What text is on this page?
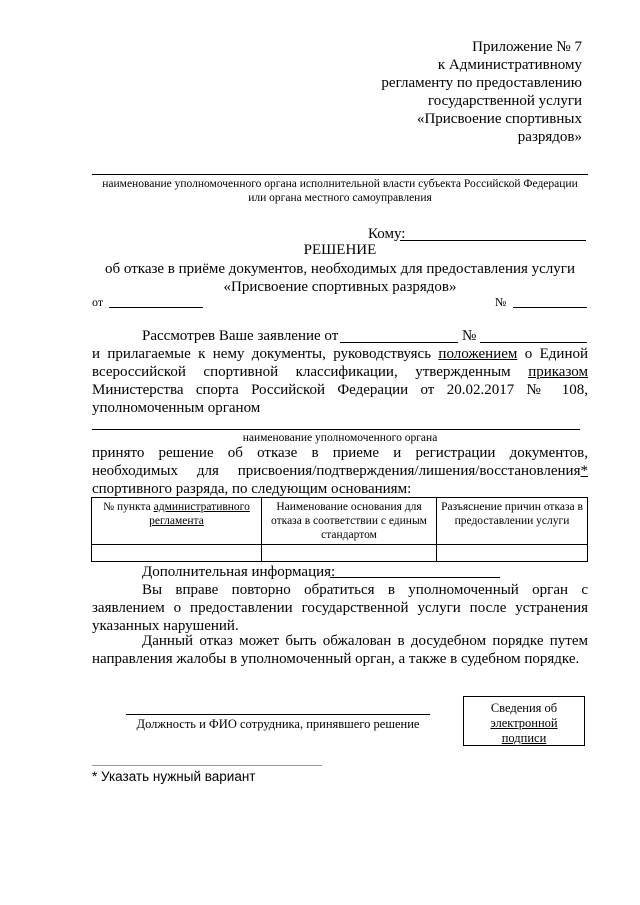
Приложение № 7
к Административному
регламенту по предоставлению
государственной услуги
«Присвоение спортивных
разрядов»
наименование уполномоченного органа исполнительной власти субъекта Российской Федерации или органа местного самоуправления
Кому:
РЕШЕНИЕ
об отказе в приёме документов, необходимых для предоставления услуги
«Присвоение спортивных разрядов»
от	№
Рассмотрев Ваше заявление от	№
и прилагаемые к нему документы, руководствуясь положением о Единой всероссийской спортивной классификации, утвержденным приказом Министерства спорта Российской Федерации от 20.02.2017 № 108, уполномоченным органом
наименование уполномоченного органа
принято решение об отказе в приеме и регистрации документов, необходимых для присвоения/подтверждения/лишения/восстановления* спортивного разряда, по следующим основаниям:
№ пункта административного регламента	Наименование основания для отказа в соответствии с единым стандартом	Разъяснение причин отказа в предоставлении услуги

Дополнительная информация:
Вы вправе повторно обратиться в уполномоченный орган с заявлением о предоставлении государственной услуги после устранения указанных нарушений.
Данный отказ может быть обжалован в досудебном порядке путем направления жалобы в уполномоченный орган, а также в судебном порядке.
Должность и ФИО сотрудника, принявшего решение
Сведения об
электронной
подписи
* Указать нужный вариант
